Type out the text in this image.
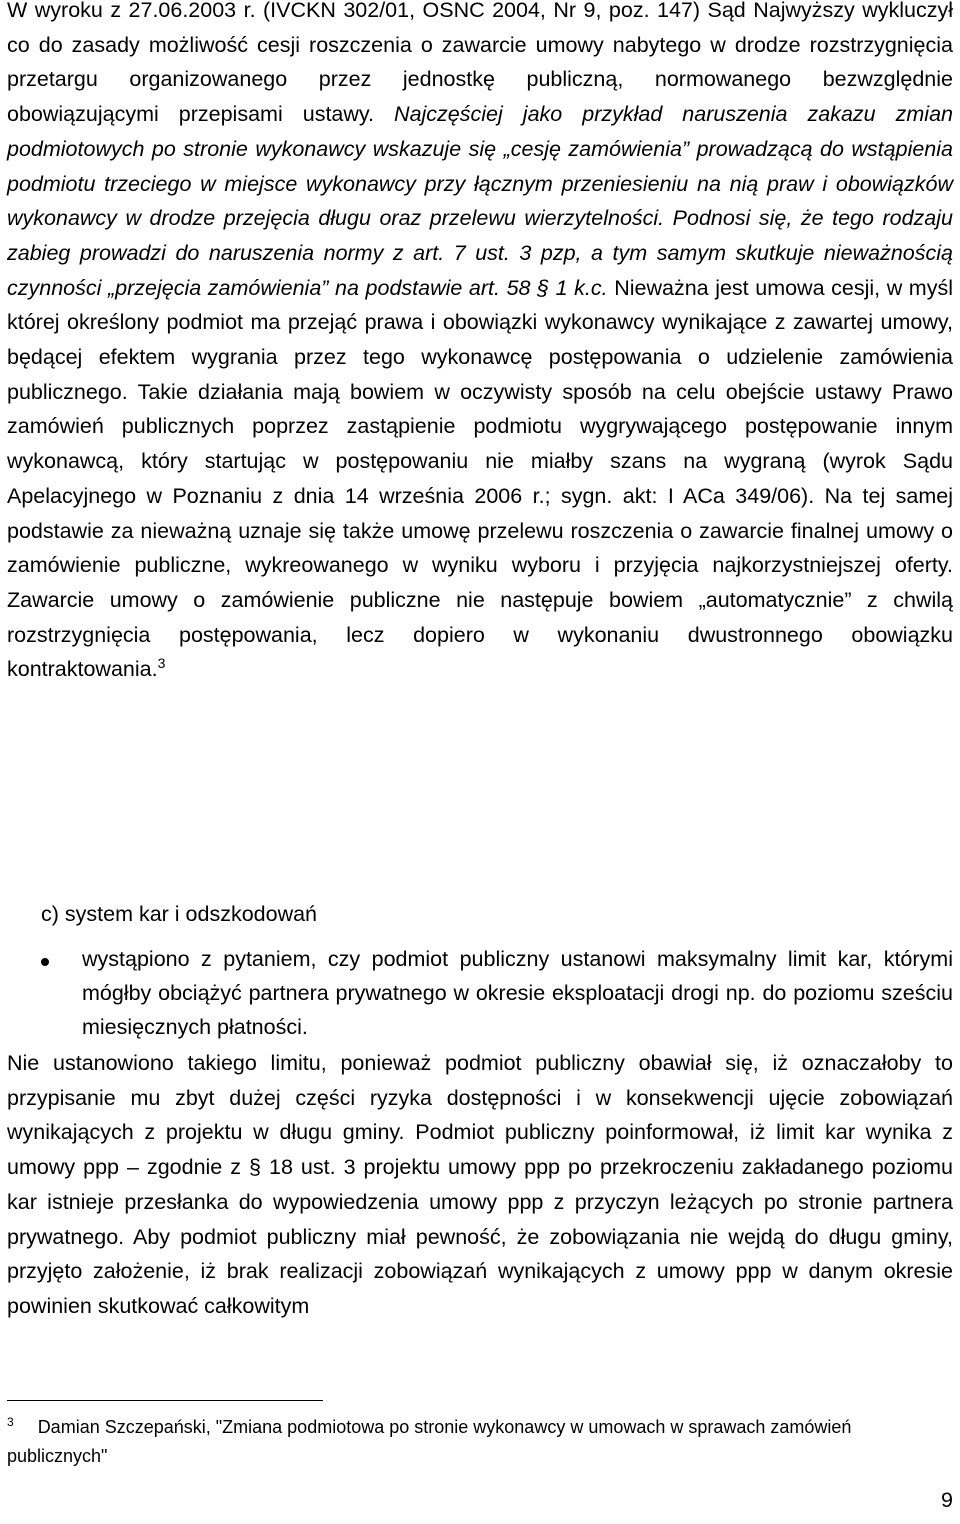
W wyroku z 27.06.2003 r. (IVCKN 302/01, OSNC 2004, Nr 9, poz. 147) Sąd Najwyższy wykluczył co do zasady możliwość cesji roszczenia o zawarcie umowy nabytego w drodze rozstrzygnięcia przetargu organizowanego przez jednostkę publiczną, normowanego bezwzględnie obowiązującymi przepisami ustawy. Najczęściej jako przykład naruszenia zakazu zmian podmiotowych po stronie wykonawcy wskazuje się „cesję zamówienia” prowadzącą do wstąpienia podmiotu trzeciego w miejsce wykonawcy przy łącznym przeniesieniu na nią praw i obowiązków wykonawcy w drodze przejęcia długu oraz przelewu wierzytelności. Podnosi się, że tego rodzaju zabieg prowadzi do naruszenia normy z art. 7 ust. 3 pzp, a tym samym skutkuje nieważnością czynności „przejęcia zamówienia” na podstawie art. 58 § 1 k.c. Nieważna jest umowa cesji, w myśl której określony podmiot ma przejąć prawa i obowiązki wykonawcy wynikające z zawartej umowy, będącej efektem wygrania przez tego wykonawcę postępowania o udzielenie zamówienia publicznego. Takie działania mają bowiem w oczywisty sposób na celu obejście ustawy Prawo zamówień publicznych poprzez zastąpienie podmiotu wygrywającego postępowanie innym wykonawcą, który startując w postępowaniu nie miałby szans na wygraną (wyrok Sądu Apelacyjnego w Poznaniu z dnia 14 września 2006 r.; sygn. akt: I ACa 349/06). Na tej samej podstawie za nieważną uznaje się także umowę przelewu roszczenia o zawarcie finalnej umowy o zamówienie publiczne, wykreowanego w wyniku wyboru i przyjęcia najkorzystniejszej oferty. Zawarcie umowy o zamówienie publiczne nie następuje bowiem „automatycznie” z chwilą rozstrzygnięcia postępowania, lecz dopiero w wykonaniu dwustronnego obowiązku kontraktowania.$^3$

c) system kar i odszkodowań

wystąpiono z pytaniem, czy podmiot publiczny ustanowi maksymalny limit kar, którymi mógłby obciążyć partnera prywatnego w okresie eksploatacji drogi np. do poziomu sześciu miesięcznych płatności.

Nie ustanowiono takiego limitu, ponieważ podmiot publiczny obawiał się, iż oznaczałoby to przypisanie mu zbyt dużej części ryzyka dostępności i w konsekwencji ujęcie zobowiązań wynikających z projektu w długu gminy. Podmiot publiczny poinformował, iż limit kar wynika z umowy ppp – zgodnie z § 18 ust. 3 projektu umowy ppp po przekroczeniu zakładanego poziomu kar istnieje przesłanka do wypowiedzenia umowy ppp z przyczyn leżących po stronie partnera prywatnego. Aby podmiot publiczny miał pewność, że zobowiązania nie wejdą do długu gminy, przyjęto założenie, iż brak realizacji zobowiązań wynikających z umowy ppp w danym okresie powinien skutkować całkowitym

$^3$ Damian Szczepański, "Zmiana podmiotowa po stronie wykonawcy w umowach w sprawach zamówień publicznych"

9
